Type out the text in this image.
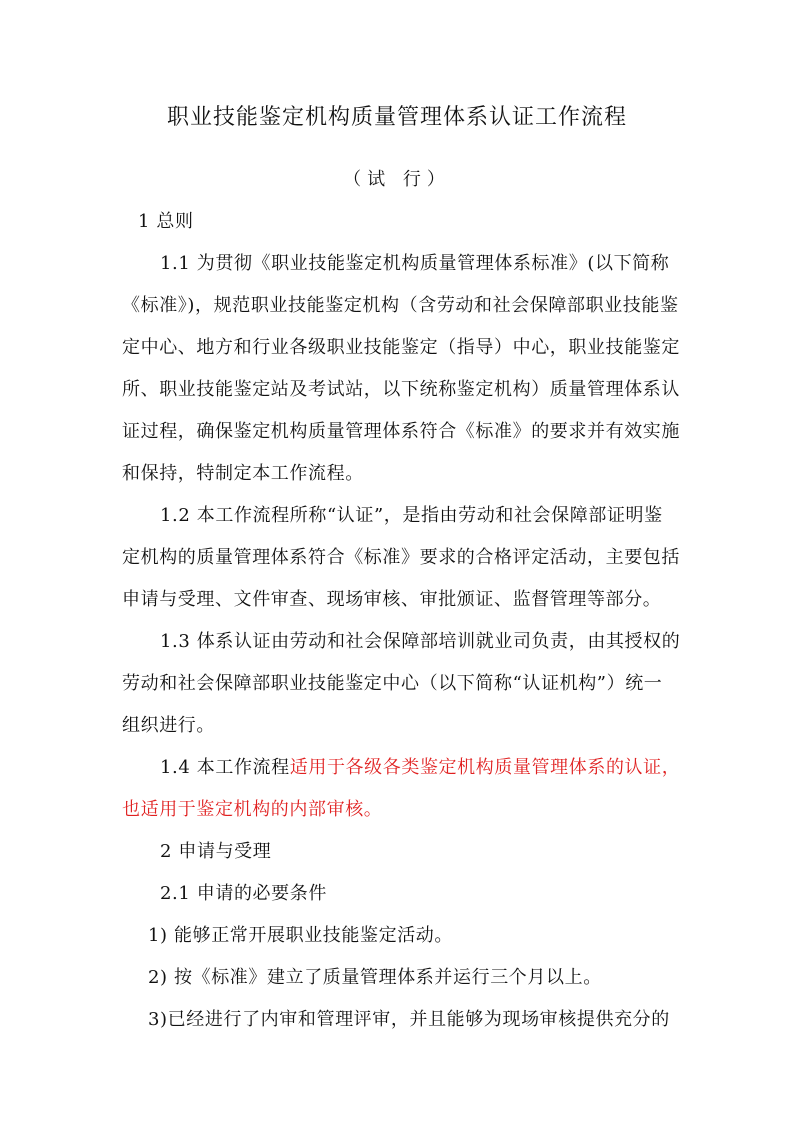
职业技能鉴定机构质量管理体系认证工作流程
（试 行）
1 总则
1.1 为贯彻《职业技能鉴定机构质量管理体系标准》(以下简称
《标准》)，规范职业技能鉴定机构（含劳动和社会保障部职业技能鉴
定中心、地方和行业各级职业技能鉴定（指导）中心，职业技能鉴定
所、职业技能鉴定站及考试站，以下统称鉴定机构）质量管理体系认
证过程，确保鉴定机构质量管理体系符合《标准》的要求并有效实施
和保持，特制定本工作流程。
1.2 本工作流程所称“认证”，是指由劳动和社会保障部证明鉴
定机构的质量管理体系符合《标准》要求的合格评定活动，主要包括
申请与受理、文件审查、现场审核、审批颁证、监督管理等部分。
1.3 体系认证由劳动和社会保障部培训就业司负责，由其授权的
劳动和社会保障部职业技能鉴定中心（以下简称“认证机构”）统一
组织进行。
1.4 本工作流程适用于各级各类鉴定机构质量管理体系的认证，
也适用于鉴定机构的内部审核。
2 申请与受理
2.1 申请的必要条件
1) 能够正常开展职业技能鉴定活动。
2) 按《标准》建立了质量管理体系并运行三个月以上。
3)已经进行了内审和管理评审，并且能够为现场审核提供充分的
